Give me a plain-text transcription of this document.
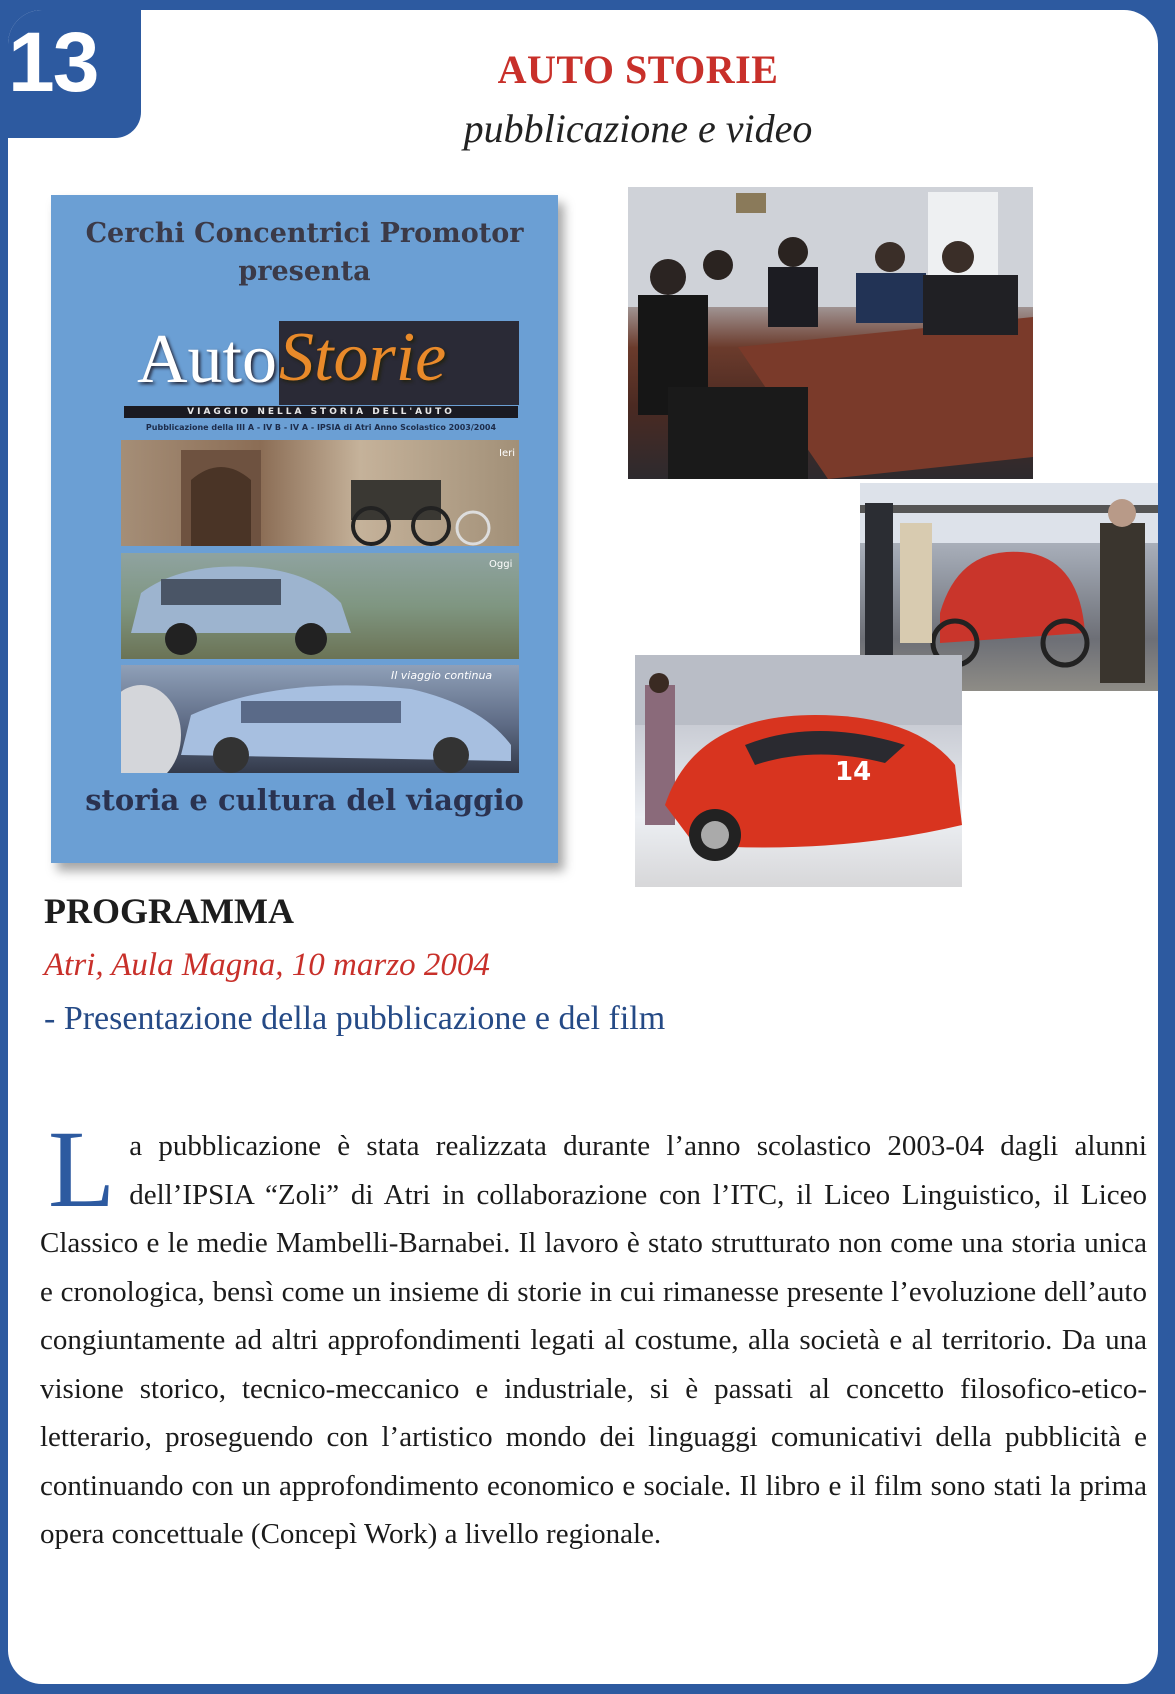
13	AUTO STORIE
pubblicazione e video
Cerchi Concentrici Promotor
presenta
Auto Storie
VIAGGIO NELLA STORIA DELL'AUTO
Pubblicazione della III A - IV B - IV A - IPSIA di Atri Anno Scolastico 2003/2004
Ieri
Oggi
Il viaggio continua
storia e cultura del viaggio
14
PROGRAMMA
Atri, Aula Magna, 10 marzo 2004
- Presentazione della pubblicazione e del film
La pubblicazione è stata realizzata durante l’anno scolastico 2003-04 dagli alunni dell’IPSIA “Zoli” di Atri in collaborazione con l’ITC, il Liceo Linguistico, il Liceo Classico e le medie Mambelli-Barnabei. Il lavoro è stato strutturato non come una storia unica e cronologica, bensì come un insieme di storie in cui rimanesse presente l’evoluzione dell’auto congiuntamente ad altri approfondimenti legati al costume, alla società e al territorio. Da una visione storico, tecnico-meccanico e industriale, si è passati al concetto filosofico-etico-letterario, proseguendo con l’artistico mondo dei linguaggi comunicativi della pubblicità e continuando con un approfondimento economico e sociale. Il libro e il film sono stati la prima opera concettuale (Concepì Work) a livello regionale.
